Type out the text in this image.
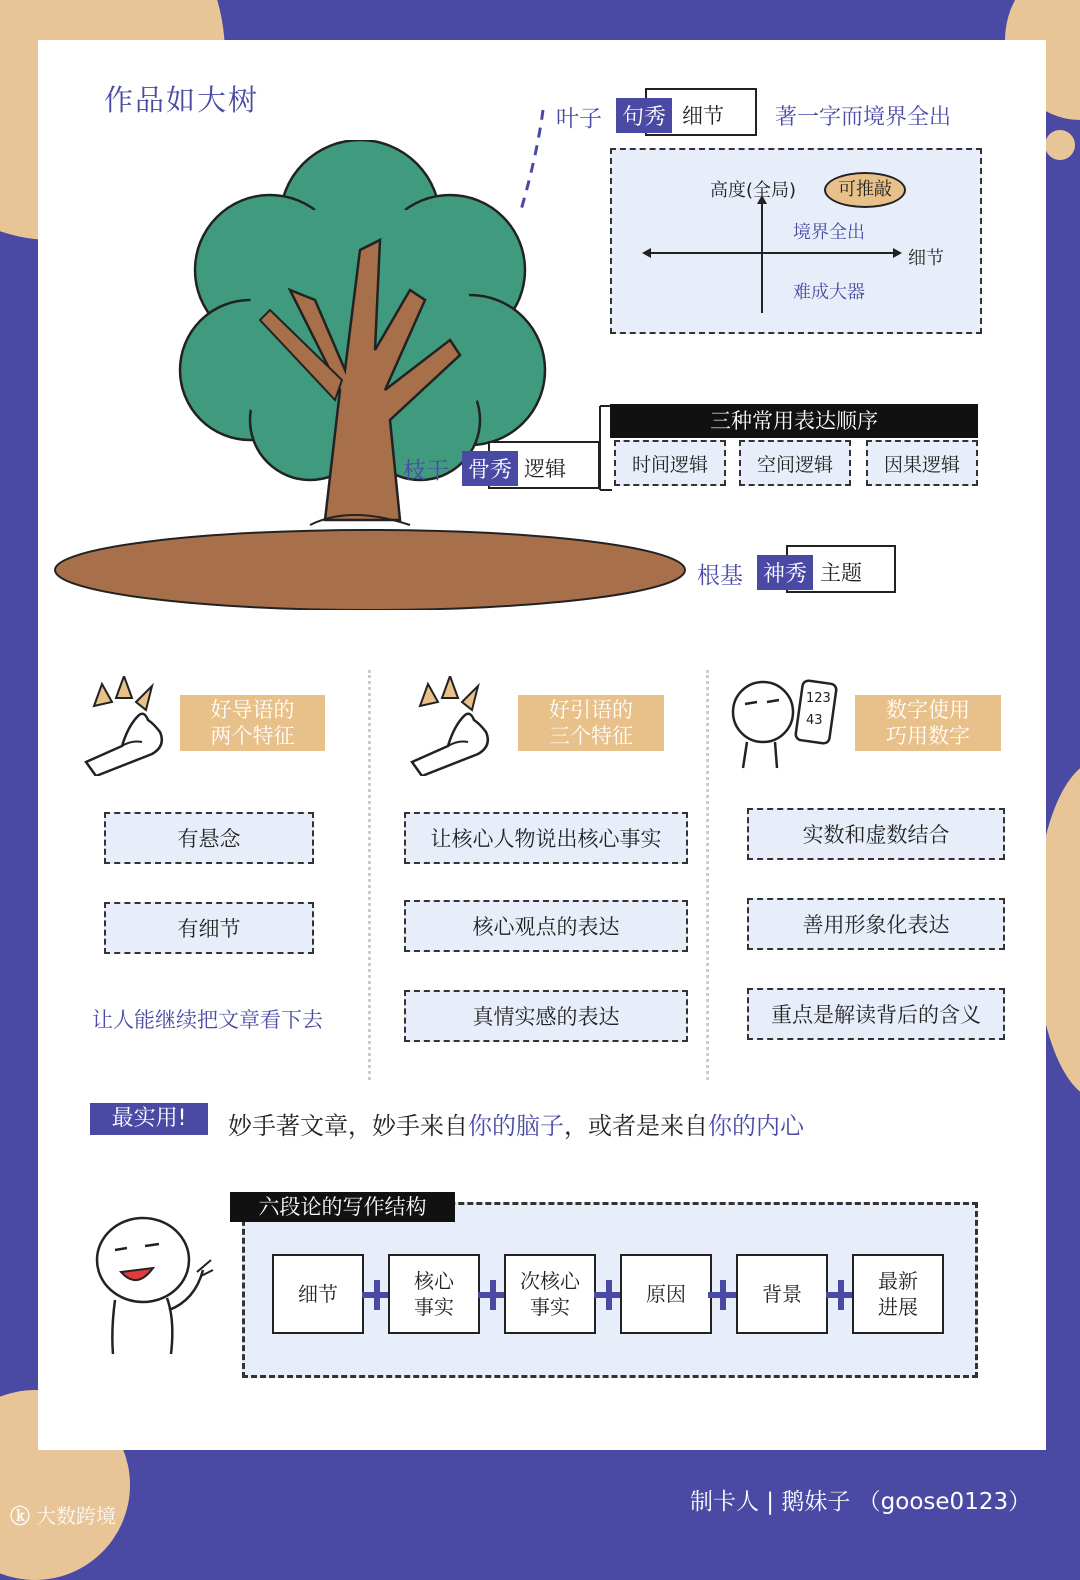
作品如大树
叶子 句秀 细节 著一字而境界全出
高度(全局)	可推敲
境界全出
细节
难成大器
枝干 骨秀 逻辑
三种常用表达顺序
时间逻辑	空间逻辑	因果逻辑
根基 神秀 主题
好导语的
两个特征
有悬念
有细节
让人能继续把文章看下去
好引语的
三个特征
让核心人物说出核心事实
核心观点的表达
真情实感的表达
123
43	数字使用
巧用数字
实数和虚数结合
善用形象化表达
重点是解读背后的含义
最实用!	妙手著文章，妙手来自你的脑子，或者是来自你的内心
六段论的写作结构
细节
核心
事实
次核心
事实
原因	背景
最新
进展
制卡人 | 鹅妹子 （goose0123）
ⓚ 大数跨境
